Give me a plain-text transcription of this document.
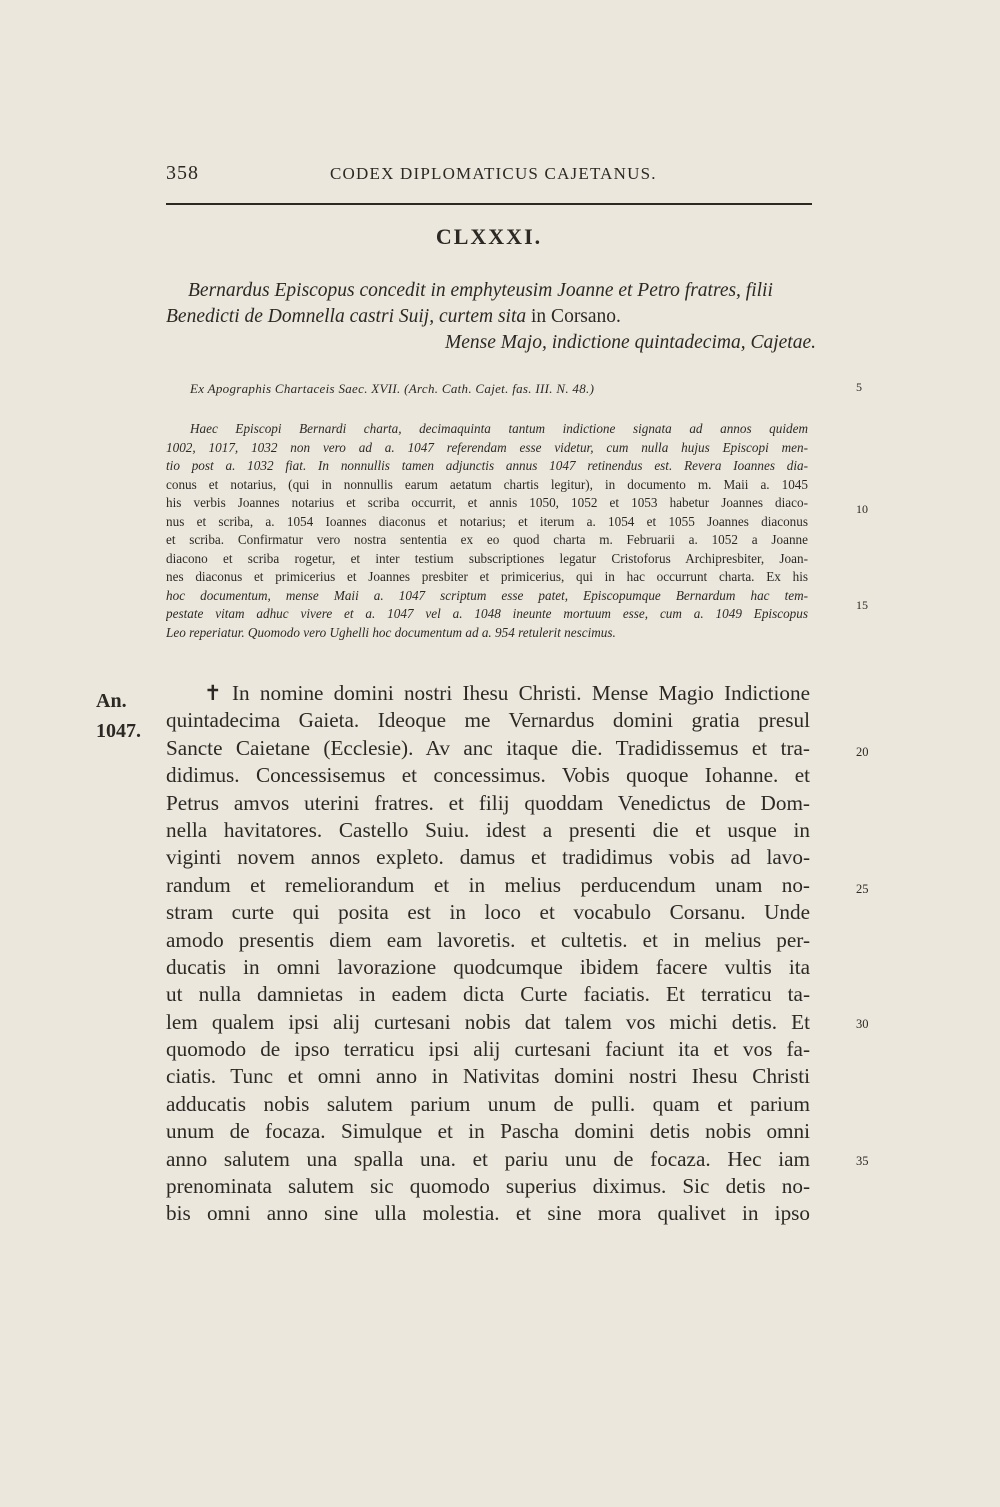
358	CODEX DIPLOMATICUS CAJETANUS.
CLXXXI.
Bernardus Episcopus concedit in emphyteusim Joanne et Petro fratres, filii
Benedicti de Domnella castri Suij, curtem sita in Corsano.
Mense Majo, indictione quintadecima, Cajetae.
Ex Apographis Chartaceis Saec. XVII. (Arch. Cath. Cajet. fas. III. N. 48.)
Haec Episcopi Bernardi charta, decimaquinta tantum indictione signata ad annos quidem
1002, 1017, 1032 non vero ad a. 1047 referendam esse videtur, cum nulla hujus Episcopi men-
tio post a. 1032 fiat. In nonnullis tamen adjunctis annus 1047 retinendus est. Revera Ioannes dia-
conus et notarius, (qui in nonnullis earum aetatum chartis legitur), in documento m. Maii a. 1045
his verbis Joannes notarius et scriba occurrit, et annis 1050, 1052 et 1053 habetur Joannes diaco-
nus et scriba, a. 1054 Ioannes diaconus et notarius; et iterum a. 1054 et 1055 Joannes diaconus
et scriba. Confirmatur vero nostra sententia ex eo quod charta m. Februarii a. 1052 a Joanne
diacono et scriba rogetur, et inter testium subscriptiones legatur Cristoforus Archipresbiter, Joan-
nes diaconus et primicerius et Joannes presbiter et primicerius, qui in hac occurrunt charta. Ex his
hoc documentum, mense Maii a. 1047 scriptum esse patet, Episcopumque Bernardum hac tem-
pestate vitam adhuc vivere et a. 1047 vel a. 1048 ineunte mortuum esse, cum a. 1049 Episcopus
Leo reperiatur. Quomodo vero Ughelli hoc documentum ad a. 954 retulerit nescimus.
5
10
15
20
25
30
35
An.
1047.
✝ In nomine domini nostri Ihesu Christi. Mense Magio Indictione
quintadecima Gaieta. Ideoque me Vernardus domini gratia presul
Sancte Caietane (Ecclesie). Av anc itaque die. Tradidissemus et tra-
didimus. Concessisemus et concessimus. Vobis quoque Iohanne. et
Petrus amvos uterini fratres. et filij quoddam Venedictus de Dom-
nella havitatores. Castello Suiu. idest a presenti die et usque in
viginti novem annos expleto. damus et tradidimus vobis ad lavo-
randum et remeliorandum et in melius perducendum unam no-
stram curte qui posita est in loco et vocabulo Corsanu. Unde
amodo presentis diem eam lavoretis. et cultetis. et in melius per-
ducatis in omni lavorazione quodcumque ibidem facere vultis ita
ut nulla damnietas in eadem dicta Curte faciatis. Et terraticu ta-
lem qualem ipsi alij curtesani nobis dat talem vos michi detis. Et
quomodo de ipso terraticu ipsi alij curtesani faciunt ita et vos fa-
ciatis. Tunc et omni anno in Nativitas domini nostri Ihesu Christi
adducatis nobis salutem parium unum de pulli. quam et parium
unum de focaza. Simulque et in Pascha domini detis nobis omni
anno salutem una spalla una. et pariu unu de focaza. Hec iam
prenominata salutem sic quomodo superius diximus. Sic detis no-
bis omni anno sine ulla molestia. et sine mora qualivet in ipso
